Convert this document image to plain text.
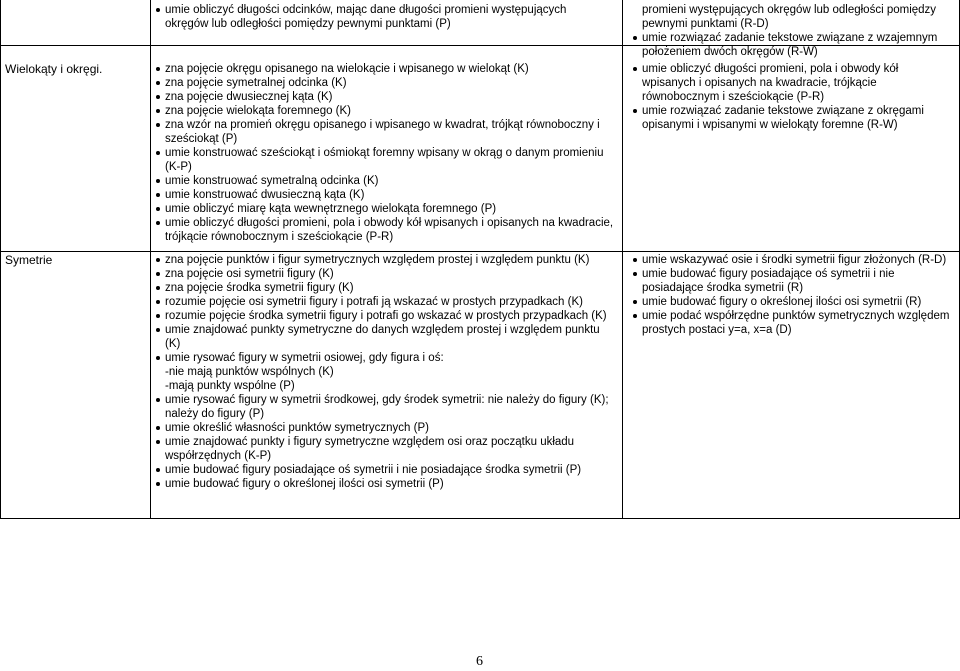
umie obliczyć długości odcinków, mając dane długości promieni występujących okręgów lub odległości pomiędzy pewnymi punktami (P)
promieni występujących okręgów lub odległości pomiędzy pewnymi punktami (R-D)
umie rozwiązać zadanie tekstowe związane z wzajemnym położeniem dwóch okręgów (R-W)
Wielokąty i okręgi.	zna pojęcie okręgu opisanego na wielokącie i wpisanego w wielokąt (K)
zna pojęcie symetralnej odcinka (K)
zna pojęcie dwusiecznej kąta (K)
zna pojęcie wielokąta foremnego (K)
zna wzór na promień okręgu opisanego i wpisanego w kwadrat, trójkąt równoboczny i sześciokąt (P)
umie konstruować sześciokąt i ośmiokąt foremny wpisany w okrąg o danym promieniu (K-P)
umie konstruować symetralną odcinka (K)
umie konstruować dwusieczną kąta (K)
umie obliczyć miarę kąta wewnętrznego wielokąta foremnego (P)
umie obliczyć długości promieni, pola i obwody kół wpisanych i opisanych na kwadracie, trójkącie równobocznym i sześciokącie (P-R)
umie obliczyć długości promieni, pola i obwody kół wpisanych i opisanych na kwadracie, trójkącie równobocznym i sześciokącie (P-R)
umie rozwiązać zadanie tekstowe związane z okręgami opisanymi i wpisanymi w wielokąty foremne (R-W)
Symetrie	zna pojęcie punktów i figur symetrycznych względem prostej i względem punktu (K)
zna pojęcie osi symetrii figury (K)
zna pojęcie środka symetrii figury (K)
rozumie pojęcie osi symetrii figury i potrafi ją wskazać w prostych przypadkach (K)
rozumie pojęcie środka symetrii figury i potrafi go wskazać w prostych przypadkach (K)
umie znajdować punkty symetryczne do danych względem prostej i względem punktu (K)
umie rysować figury w symetrii osiowej, gdy figura i oś:
-nie mają punktów wspólnych (K)
-mają punkty wspólne (P)
umie rysować figury w symetrii środkowej, gdy środek symetrii: nie należy do figury (K); należy do figury (P)
umie określić własności punktów symetrycznych (P)
umie znajdować punkty i figury symetryczne względem osi oraz początku układu współrzędnych (K-P)
umie budować figury posiadające oś symetrii i nie posiadające środka symetrii (P)
umie budować figury o określonej ilości osi symetrii (P)
umie wskazywać osie i środki symetrii figur złożonych (R-D)
umie budować figury posiadające oś symetrii i nie posiadające środka symetrii (R)
umie budować figury o określonej ilości osi symetrii (R)
umie podać współrzędne punktów symetrycznych względem prostych postaci y=a, x=a (D)
6
